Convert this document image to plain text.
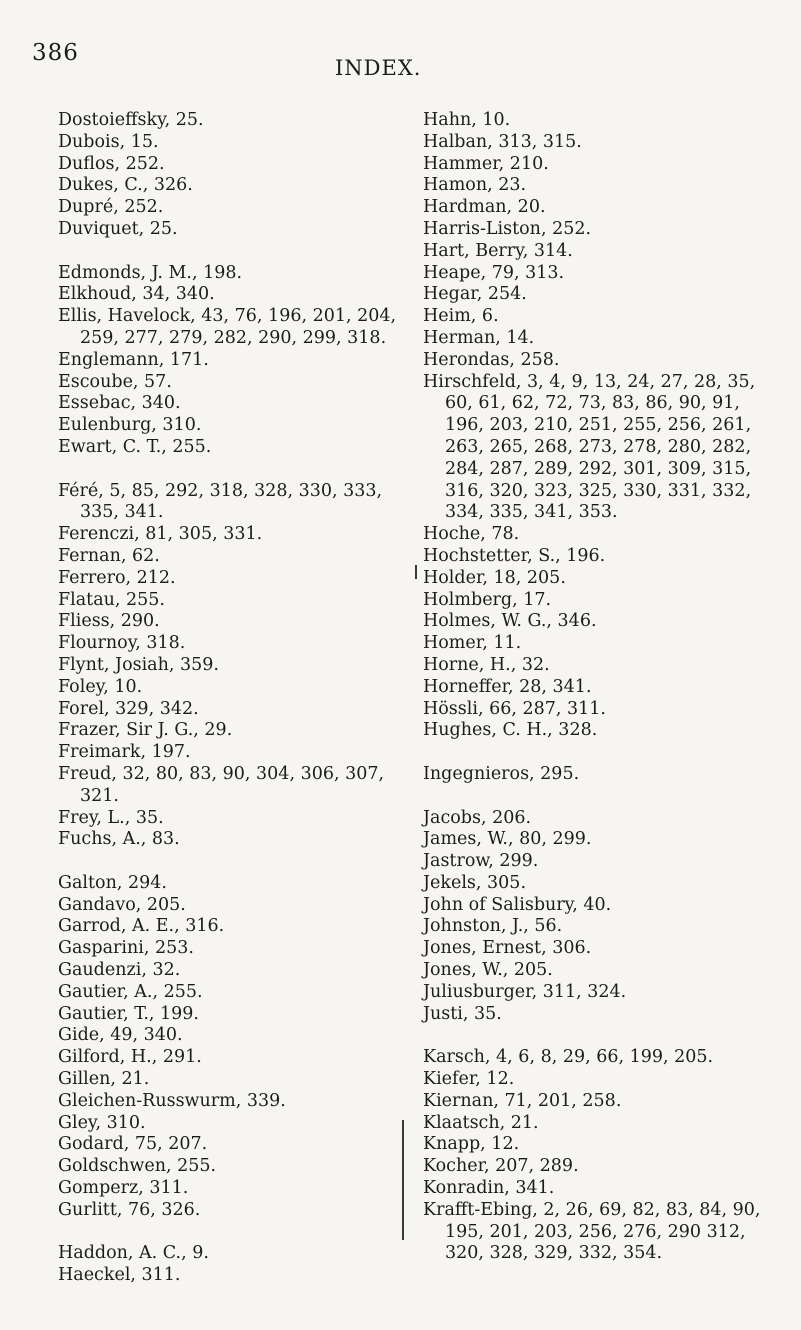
386
INDEX.
Dostoieffsky, 25.
Dubois, 15.
Duflos, 252.
Dukes, C., 326.
Dupré, 252.
Duviquet, 25.
Edmonds, J. M., 198.
Elkhoud, 34, 340.
Ellis, Havelock, 43, 76, 196, 201, 204, 259, 277, 279, 282, 290, 299, 318.
Englemann, 171.
Escoube, 57.
Essebac, 340.
Eulenburg, 310.
Ewart, C. T., 255.
Féré, 5, 85, 292, 318, 328, 330, 333, 335, 341.
Ferenczi, 81, 305, 331.
Fernan, 62.
Ferrero, 212.
Flatau, 255.
Fliess, 290.
Flournoy, 318.
Flynt, Josiah, 359.
Foley, 10.
Forel, 329, 342.
Frazer, Sir J. G., 29.
Freimark, 197.
Freud, 32, 80, 83, 90, 304, 306, 307, 321.
Frey, L., 35.
Fuchs, A., 83.
Galton, 294.
Gandavo, 205.
Garrod, A. E., 316.
Gasparini, 253.
Gaudenzi, 32.
Gautier, A., 255.
Gautier, T., 199.
Gide, 49, 340.
Gilford, H., 291.
Gillen, 21.
Gleichen-Russwurm, 339.
Gley, 310.
Godard, 75, 207.
Goldschwen, 255.
Gomperz, 311.
Gurlitt, 76, 326.
Haddon, A. C., 9.
Haeckel, 311.
Hahn, 10.
Halban, 313, 315.
Hammer, 210.
Hamon, 23.
Hardman, 20.
Harris-Liston, 252.
Hart, Berry, 314.
Heape, 79, 313.
Hegar, 254.
Heim, 6.
Herman, 14.
Herondas, 258.
Hirschfeld, 3, 4, 9, 13, 24, 27, 28, 35, 60, 61, 62, 72, 73, 83, 86, 90, 91, 196, 203, 210, 251, 255, 256, 261, 263, 265, 268, 273, 278, 280, 282, 284, 287, 289, 292, 301, 309, 315, 316, 320, 323, 325, 330, 331, 332, 334, 335, 341, 353.
Hoche, 78.
Hochstetter, S., 196.
Holder, 18, 205.
Holmberg, 17.
Holmes, W. G., 346.
Homer, 11.
Horne, H., 32.
Horneffer, 28, 341.
Hössli, 66, 287, 311.
Hughes, C. H., 328.
Ingegnieros, 295.
Jacobs, 206.
James, W., 80, 299.
Jastrow, 299.
Jekels, 305.
John of Salisbury, 40.
Johnston, J., 56.
Jones, Ernest, 306.
Jones, W., 205.
Juliusburger, 311, 324.
Justi, 35.
Karsch, 4, 6, 8, 29, 66, 199, 205.
Kiefer, 12.
Kiernan, 71, 201, 258.
Klaatsch, 21.
Knapp, 12.
Kocher, 207, 289.
Konradin, 341.
Krafft-Ebing, 2, 26, 69, 82, 83, 84, 90, 195, 201, 203, 256, 276, 290 312, 320, 328, 329, 332, 354.
